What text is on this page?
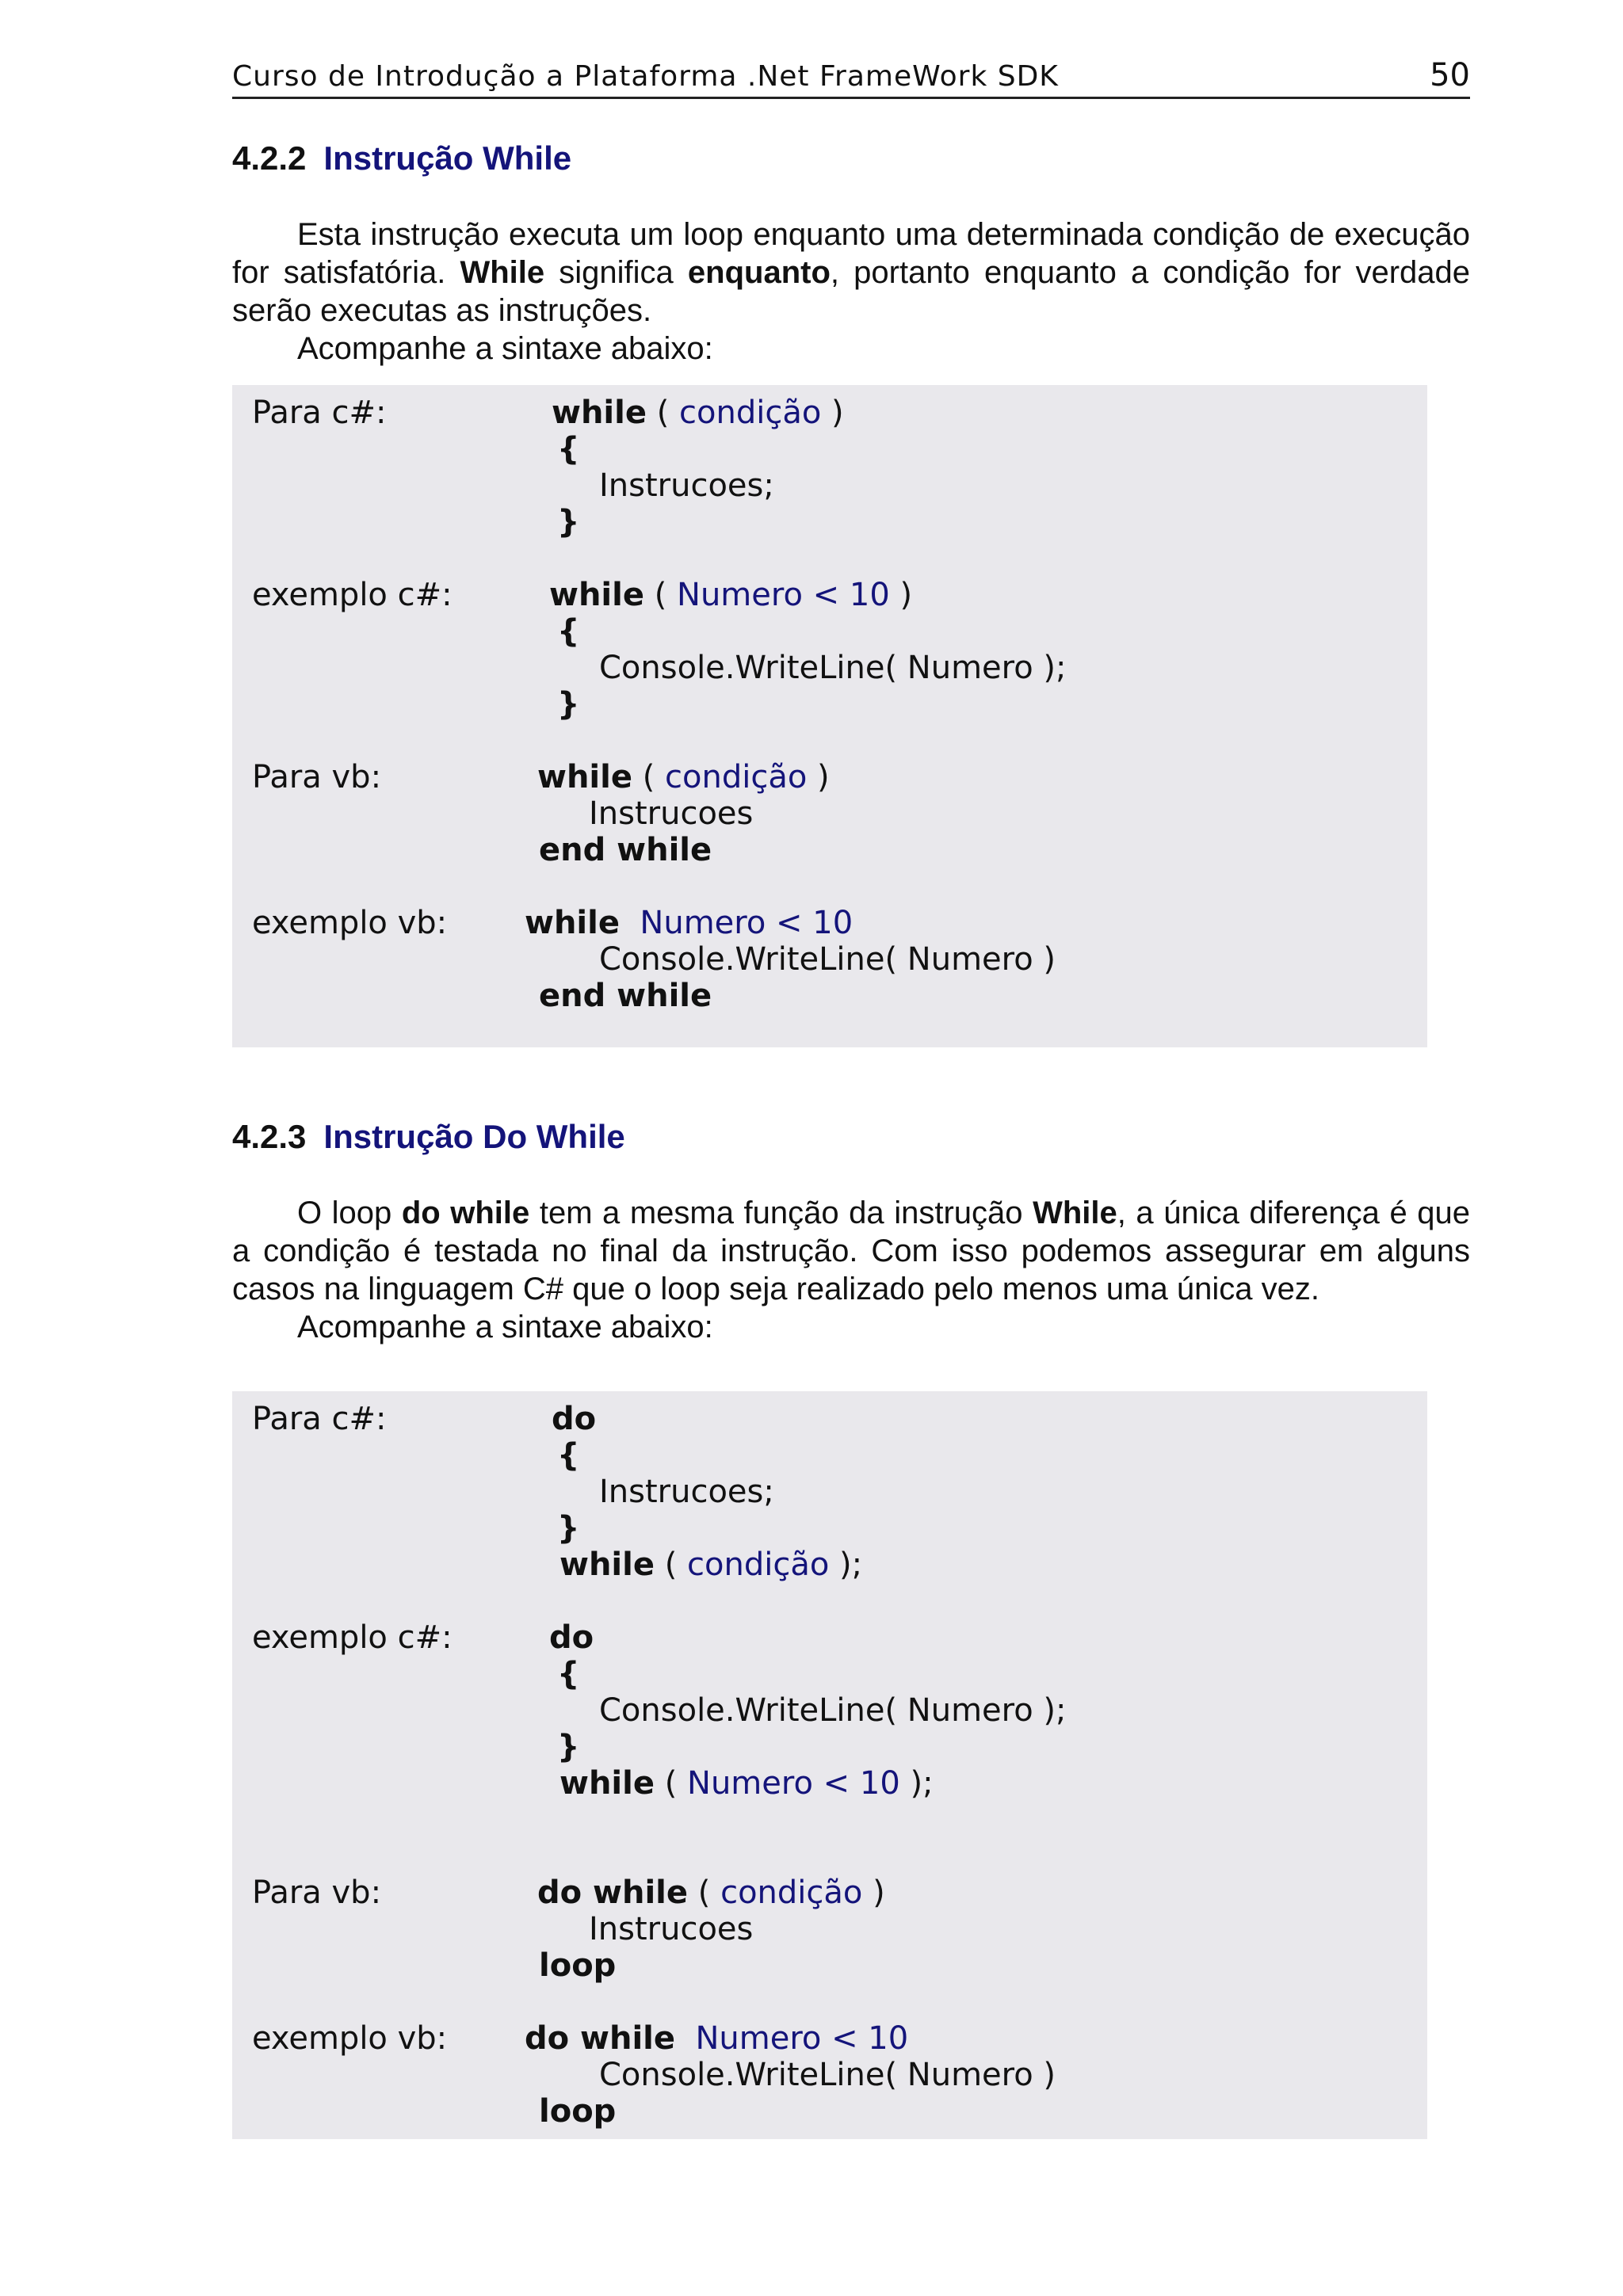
Curso de Introdução a Plataforma .Net FrameWork SDK	50
4.2.2 Instrução While

Esta instrução executa um loop enquanto uma determinada condição de execução for satisfatória. While significa enquanto, portanto enquanto a condição for verdade serão executas as instruções.

Acompanhe a sintaxe abaixo:

Para c#:	while ( condição )
{
Instrucoes;
}
exemplo c#:	while ( Numero < 10 )
{
Console.WriteLine( Numero );
}
Para vb:	while ( condição )
Instrucoes
end while
exemplo vb: while Numero < 10
Console.WriteLine( Numero )
end while
4.2.3 Instrução Do While

O loop do while tem a mesma função da instrução While, a única diferença é que a condição é testada no final da instrução. Com isso podemos assegurar em alguns casos na linguagem C# que o loop seja realizado pelo menos uma única vez.

Acompanhe a sintaxe abaixo:

Para c#:	do
{
Instrucoes;
}
while ( condição );
exemplo c#:	do
{
Console.WriteLine( Numero );
}
while ( Numero < 10 );
Para vb:	do while ( condição )
Instrucoes
loop
exemplo vb: do while Numero < 10
Console.WriteLine( Numero )
loop
